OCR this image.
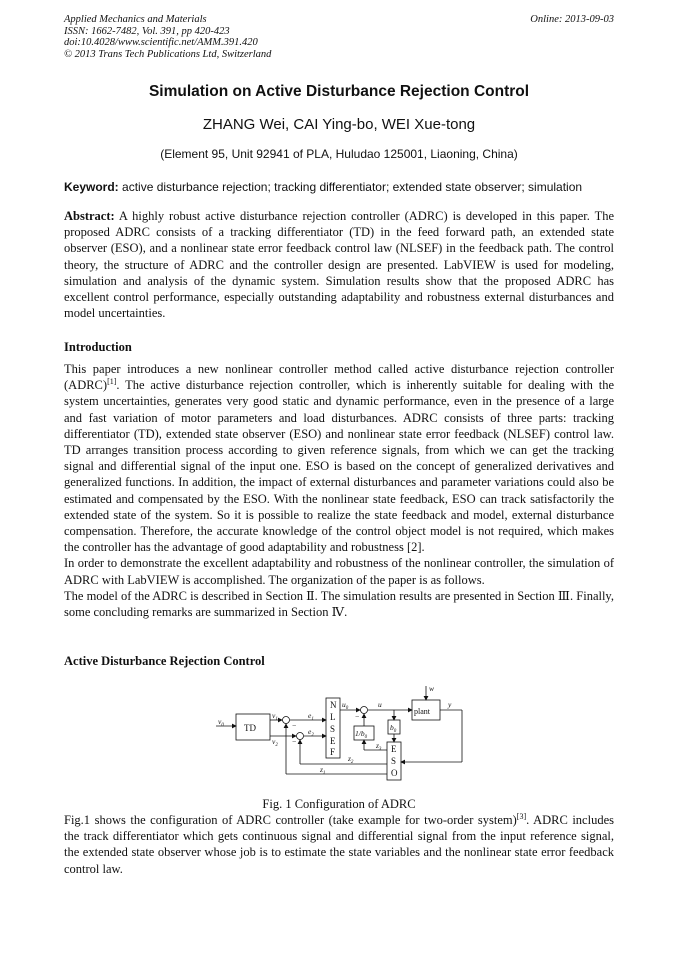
Applied Mechanics and Materials
ISSN: 1662-7482, Vol. 391, pp 420-423
doi:10.4028/www.scientific.net/AMM.391.420
© 2013 Trans Tech Publications Ltd, Switzerland
Online: 2013-09-03
Simulation on Active Disturbance Rejection Control
ZHANG Wei, CAI Ying-bo, WEI Xue-tong
(Element 95, Unit 92941 of PLA, Huludao 125001, Liaoning, China)
Keyword: active disturbance rejection; tracking differentiator; extended state observer; simulation

Abstract: A highly robust active disturbance rejection controller (ADRC) is developed in this paper. The proposed ADRC consists of a tracking differentiator (TD) in the feed forward path, an extended state observer (ESO), and a nonlinear state error feedback control law (NLSEF) in the feedback path. The control theory, the structure of ADRC and the controller design are presented. LabVIEW is used for modeling, simulation and analysis of the dynamic system. Simulation results show that the proposed ADRC has excellent control performance, especially outstanding adaptability and robustness external disturbances and model uncertainties.

Introduction

This paper introduces a new nonlinear controller method called active disturbance rejection controller (ADRC)[1]. The active disturbance rejection controller, which is inherently suitable for dealing with the system uncertainties, generates very good static and dynamic performance, even in the presence of a large and fast variation of motor parameters and load disturbances. ADRC consists of three parts: tracking differentiator (TD), extended state observer (ESO) and nonlinear state error feedback (NLSEF) control law. TD arranges transition process according to given reference signals, from which we can get the tracking signal and differential signal of the input one. ESO is based on the concept of generalized derivatives and generalized functions. In addition, the impact of external disturbances and parameter variations could also be estimated and compensated by the ESO. With the nonlinear state feedback, ESO can track satisfactorily the extended state of the system. So it is possible to realize the state feedback and model, external disturbance compensation. Therefore, the accurate knowledge of the control object model is not required, which makes the controller has the advantage of good adaptability and robustness [2].

In order to demonstrate the excellent adaptability and robustness of the nonlinear controller, the simulation of ADRC with LabVIEW is accomplished. The organization of the paper is as follows.

The model of the ADRC is described in Section Ⅱ. The simulation results are presented in Section Ⅲ. Finally, some concluding remarks are summarized in Section Ⅳ.

Active Disturbance Rejection Control
TD
plant
N
L
S
E
F	E
S
O
$1/b_0$
$b_0$
$v_0$
$v_1$
$v_2$
$e_1$
$e_2$
$u_0$	u
w
y
$z_3$
$z_2$
$z_1$
−
−
−
Fig. 1 Configuration of ADRC

Fig.1 shows the configuration of ADRC controller (take example for two-order system)[3]. ADRC includes the track differentiator which gets continuous signal and differential signal from the input reference signal, the extended state observer whose job is to estimate the state variables and the nonlinear state error feedback control law.
